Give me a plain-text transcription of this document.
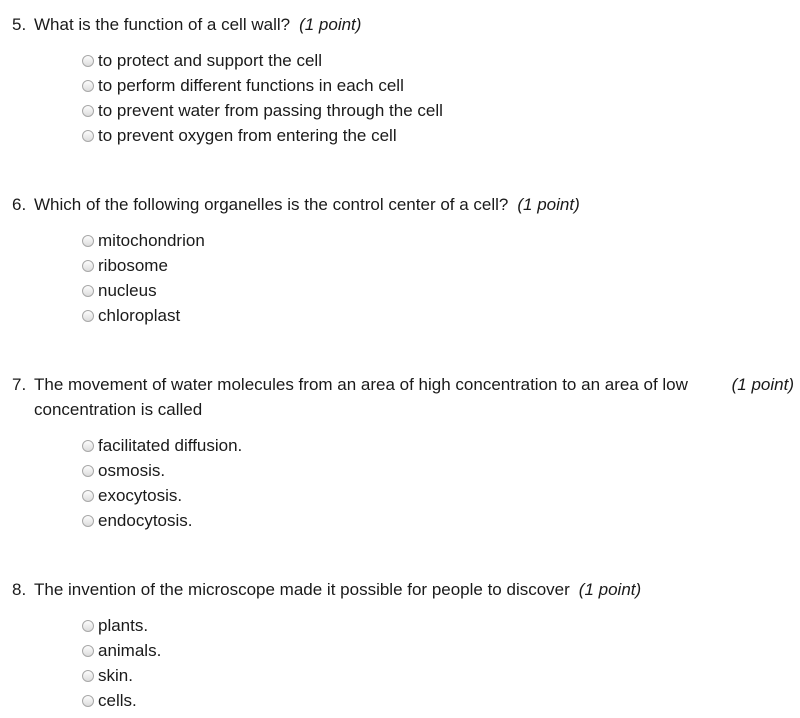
5. What is the function of a cell wall? (1 point)
to protect and support the cell
to perform different functions in each cell
to prevent water from passing through the cell
to prevent oxygen from entering the cell
6. Which of the following organelles is the control center of a cell? (1 point)
mitochondrion
ribosome
nucleus
chloroplast
7. The movement of water molecules from an area of high concentration to an area of low concentration is called
(1 point)
facilitated diffusion.
osmosis.
exocytosis.
endocytosis.
8. The invention of the microscope made it possible for people to discover (1 point)
plants.
animals.
skin.
cells.
